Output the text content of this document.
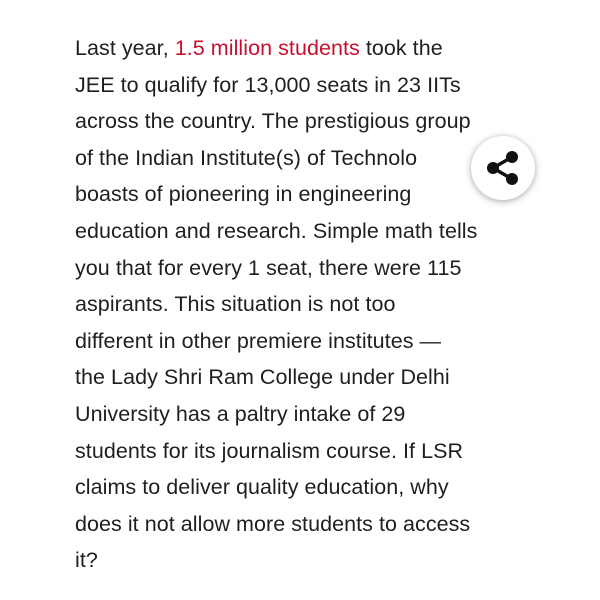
Last year, 1.5 million students took the
JEE to qualify for 13,000 seats in 23 IITs
across the country. The prestigious group
of the Indian Institute(s) of Technolo
boasts of pioneering in engineering
education and research. Simple math tells
you that for every 1 seat, there were 115
aspirants. This situation is not too
different in other premiere institutes —
the Lady Shri Ram College under Delhi
University has a paltry intake of 29
students for its journalism course. If LSR
claims to deliver quality education, why
does it not allow more students to access
it?
